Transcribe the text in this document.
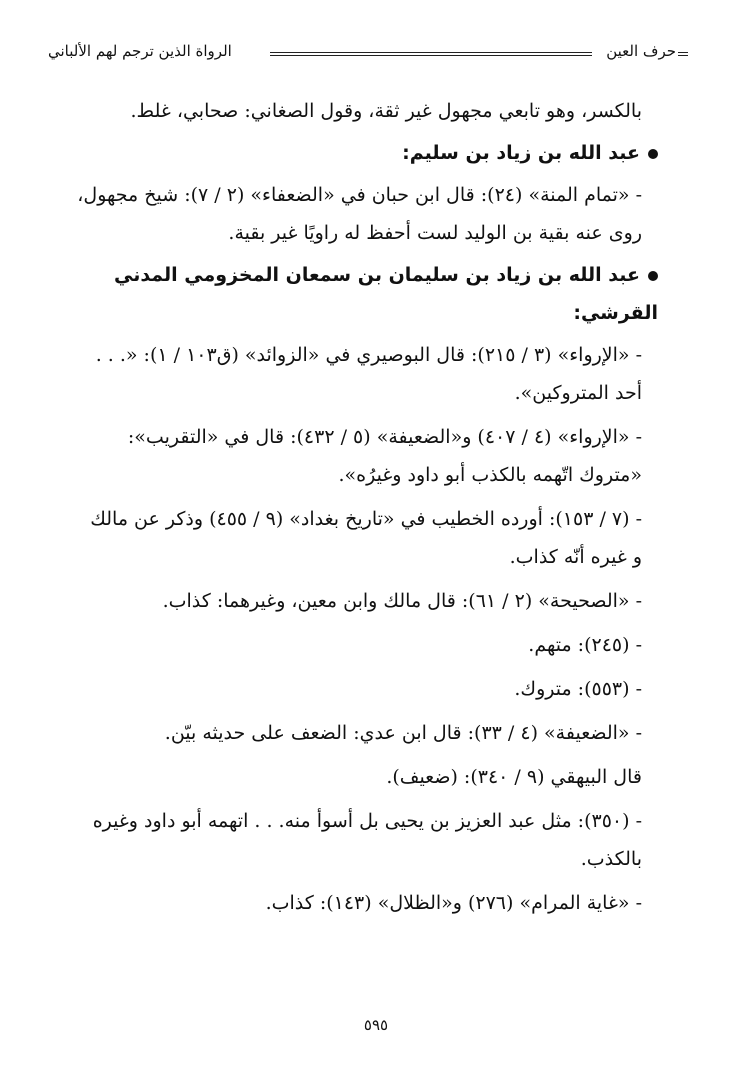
حرف العين
الرواة الذين ترجم لهم الألباني

بالكسر، وهو تابعي مجهول غير ثقة، وقول الصغاني: صحابي، غلط.

عبد الله بن زياد بن سليم:

- «تمام المنة» (٢٤): قال ابن حبان في «الضعفاء» (٢ / ٧): شيخ مجهول، روى عنه بقية بن الوليد لست أحفظ له راويًا غير بقية.

عبد الله بن زياد بن سليمان بن سمعان المخزومي المدني القرشي:

- «الإرواء» (٣ / ٢١٥): قال البوصيري في «الزوائد» (ق١٠٣ / ١): «. . . أحد المتروكين».

- «الإرواء» (٤ / ٤٠٧) و«الضعيفة» (٥ / ٤٣٢): قال في «التقريب»: «متروك اتّهمه بالكذب أبو داود وغيرُه».

- (٧ / ١٥٣): أورده الخطيب في «تاريخ بغداد» (٩ / ٤٥٥) وذكر عن مالك و غيره أنّه كذاب.

- «الصحيحة» (٢ / ٦١): قال مالك وابن معين، وغيرهما: كذاب.

- (٢٤٥): متهم.

- (٥٥٣): متروك.

- «الضعيفة» (٤ / ٣٣): قال ابن عدي: الضعف على حديثه بيّن.

قال البيهقي (٩ / ٣٤٠): (ضعيف).

- (٣٥٠): مثل عبد العزيز بن يحيى بل أسوأ منه. . . اتهمه أبو داود وغيره بالكذب.

- «غاية المرام» (٢٧٦) و«الظلال» (١٤٣): كذاب.

٥٩٥
